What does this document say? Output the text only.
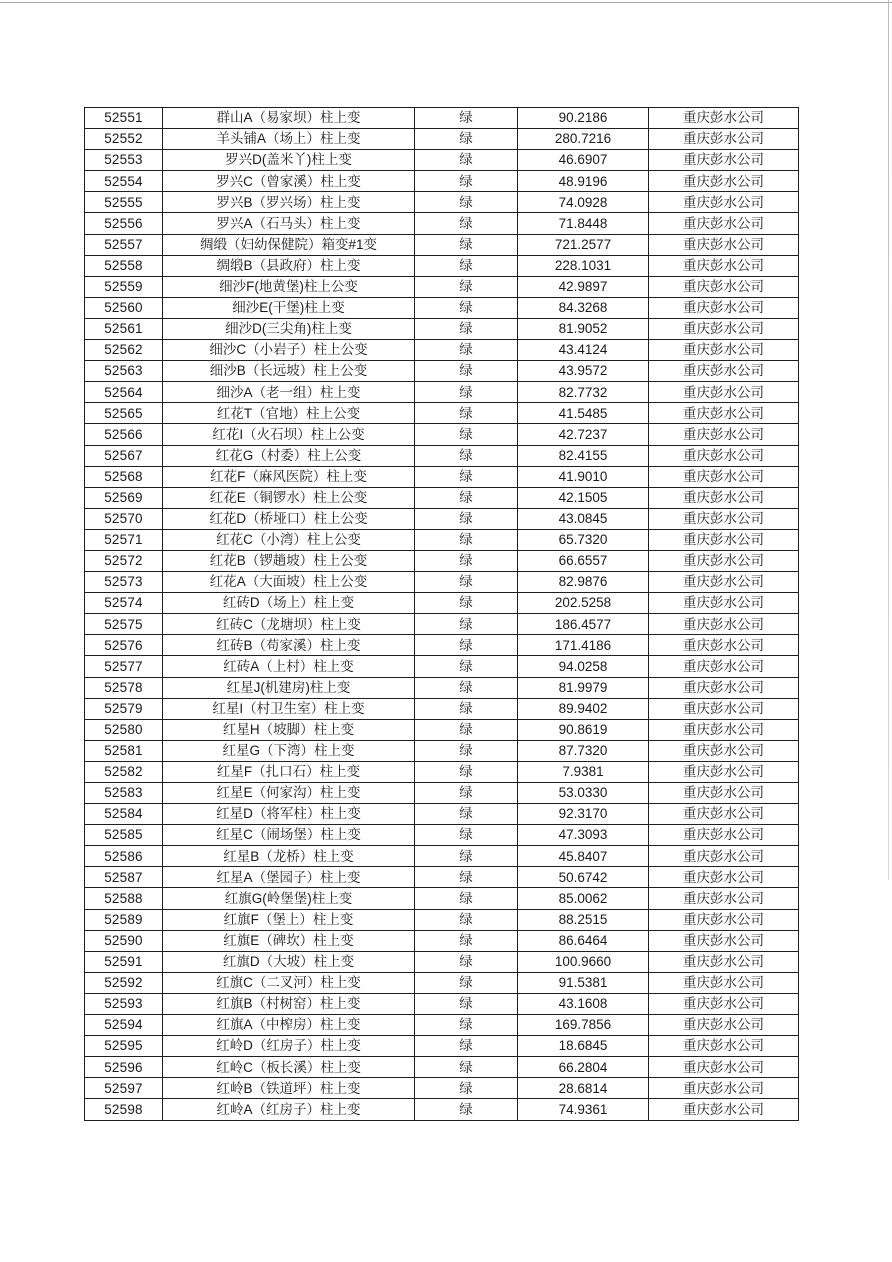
52551	群山A（易家坝）柱上变	绿	90.2186	重庆彭水公司
52552	羊头铺A（场上）柱上变	绿	280.7216	重庆彭水公司
52553	罗兴D(盖米丫)柱上变	绿	46.6907	重庆彭水公司
52554	罗兴C（曾家溪）柱上变	绿	48.9196	重庆彭水公司
52555	罗兴B（罗兴场）柱上变	绿	74.0928	重庆彭水公司
52556	罗兴A（石马头）柱上变	绿	71.8448	重庆彭水公司
52557	绸缎（妇幼保健院）箱变#1变	绿	721.2577	重庆彭水公司
52558	绸缎B（县政府）柱上变	绿	228.1031	重庆彭水公司
52559	细沙F(地黄堡)柱上公变	绿	42.9897	重庆彭水公司
52560	细沙E(干堡)柱上变	绿	84.3268	重庆彭水公司
52561	细沙D(三尖角)柱上变	绿	81.9052	重庆彭水公司
52562	细沙C（小岩子）柱上公变	绿	43.4124	重庆彭水公司
52563	细沙B（长远坡）柱上公变	绿	43.9572	重庆彭水公司
52564	细沙A（老一组）柱上变	绿	82.7732	重庆彭水公司
52565	红花T（官地）柱上公变	绿	41.5485	重庆彭水公司
52566	红花I（火石坝）柱上公变	绿	42.7237	重庆彭水公司
52567	红花G（村委）柱上公变	绿	82.4155	重庆彭水公司
52568	红花F（麻风医院）柱上变	绿	41.9010	重庆彭水公司
52569	红花E（铜锣水）柱上公变	绿	42.1505	重庆彭水公司
52570	红花D（桥垭口）柱上公变	绿	43.0845	重庆彭水公司
52571	红花C（小湾）柱上公变	绿	65.7320	重庆彭水公司
52572	红花B（锣趟坡）柱上公变	绿	66.6557	重庆彭水公司
52573	红花A（大面坡）柱上公变	绿	82.9876	重庆彭水公司
52574	红砖D（场上）柱上变	绿	202.5258	重庆彭水公司
52575	红砖C（龙塘坝）柱上变	绿	186.4577	重庆彭水公司
52576	红砖B（苟家溪）柱上变	绿	171.4186	重庆彭水公司
52577	红砖A（上村）柱上变	绿	94.0258	重庆彭水公司
52578	红星J(机建房)柱上变	绿	81.9979	重庆彭水公司
52579	红星I（村卫生室）柱上变	绿	89.9402	重庆彭水公司
52580	红星H（坡脚）柱上变	绿	90.8619	重庆彭水公司
52581	红星G（下湾）柱上变	绿	87.7320	重庆彭水公司
52582	红星F（扎口石）柱上变	绿	7.9381	重庆彭水公司
52583	红星E（何家沟）柱上变	绿	53.0330	重庆彭水公司
52584	红星D（将军柱）柱上变	绿	92.3170	重庆彭水公司
52585	红星C（闹场堡）柱上变	绿	47.3093	重庆彭水公司
52586	红星B（龙桥）柱上变	绿	45.8407	重庆彭水公司
52587	红星A（堡园子）柱上变	绿	50.6742	重庆彭水公司
52588	红旗G(岭堡堡)柱上变	绿	85.0062	重庆彭水公司
52589	红旗F（堡上）柱上变	绿	88.2515	重庆彭水公司
52590	红旗E（碑坎）柱上变	绿	86.6464	重庆彭水公司
52591	红旗D（大坡）柱上变	绿	100.9660	重庆彭水公司
52592	红旗C（二叉河）柱上变	绿	91.5381	重庆彭水公司
52593	红旗B（村树窑）柱上变	绿	43.1608	重庆彭水公司
52594	红旗A（中榨房）柱上变	绿	169.7856	重庆彭水公司
52595	红岭D（红房子）柱上变	绿	18.6845	重庆彭水公司
52596	红岭C（板长溪）柱上变	绿	66.2804	重庆彭水公司
52597	红岭B（铁道坪）柱上变	绿	28.6814	重庆彭水公司
52598	红岭A（红房子）柱上变	绿	74.9361	重庆彭水公司
